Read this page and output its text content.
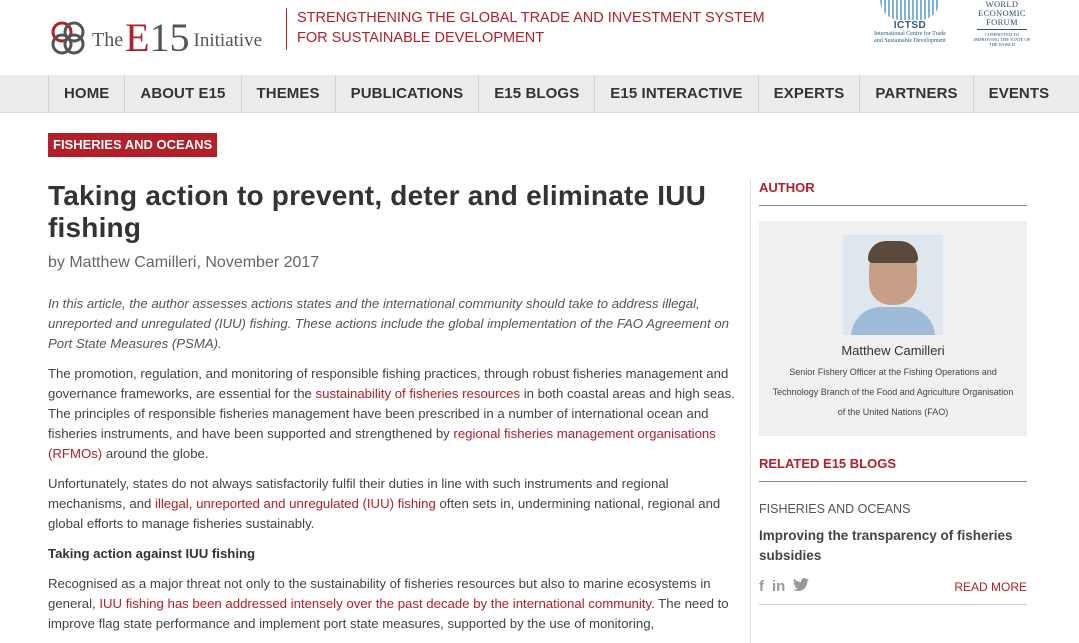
The E15 Initiative
STRENGTHENING THE GLOBAL TRADE AND INVESTMENT SYSTEM
FOR SUSTAINABLE DEVELOPMENT
ICTSD
International Centre for Trade and Sustainable Development
WORLD
ECONOMIC
FORUM
COMMITTED TO IMPROVING THE STATE OF THE WORLD
HOME	ABOUT E15	THEMES	PUBLICATIONS	E15 BLOGS	E15 INTERACTIVE	EXPERTS	PARTNERS	EVENTS
FISHERIES AND OCEANS
Taking action to prevent, deter and eliminate IUU fishing
by Matthew Camilleri, November 2017

In this article, the author assesses actions states and the international community should take to address illegal, unreported and unregulated (IUU) fishing. These actions include the global implementation of the FAO Agreement on Port State Measures (PSMA).

The promotion, regulation, and monitoring of responsible fishing practices, through robust fisheries management and governance frameworks, are essential for the sustainability of fisheries resources in both coastal areas and high seas. The principles of responsible fisheries management have been prescribed in a number of international ocean and fisheries instruments, and have been supported and strengthened by regional fisheries management organisations (RFMOs) around the globe.

Unfortunately, states do not always satisfactorily fulfil their duties in line with such instruments and regional mechanisms, and illegal, unreported and unregulated (IUU) fishing often sets in, undermining national, regional and global efforts to manage fisheries sustainably.

Taking action against IUU fishing

Recognised as a major threat not only to the sustainability of fisheries resources but also to marine ecosystems in general, IUU fishing has been addressed intensely over the past decade by the international community. The need to improve flag state performance and implement port state measures, supported by the use of monitoring,

AUTHOR
Matthew Camilleri
Senior Fishery Officer at the Fishing Operations and Technology Branch of the Food and Agriculture Organisation of the United Nations (FAO)
RELATED E15 BLOGS
FISHERIES AND OCEANS
Improving the transparency of fisheries subsidies
f in	READ MORE
